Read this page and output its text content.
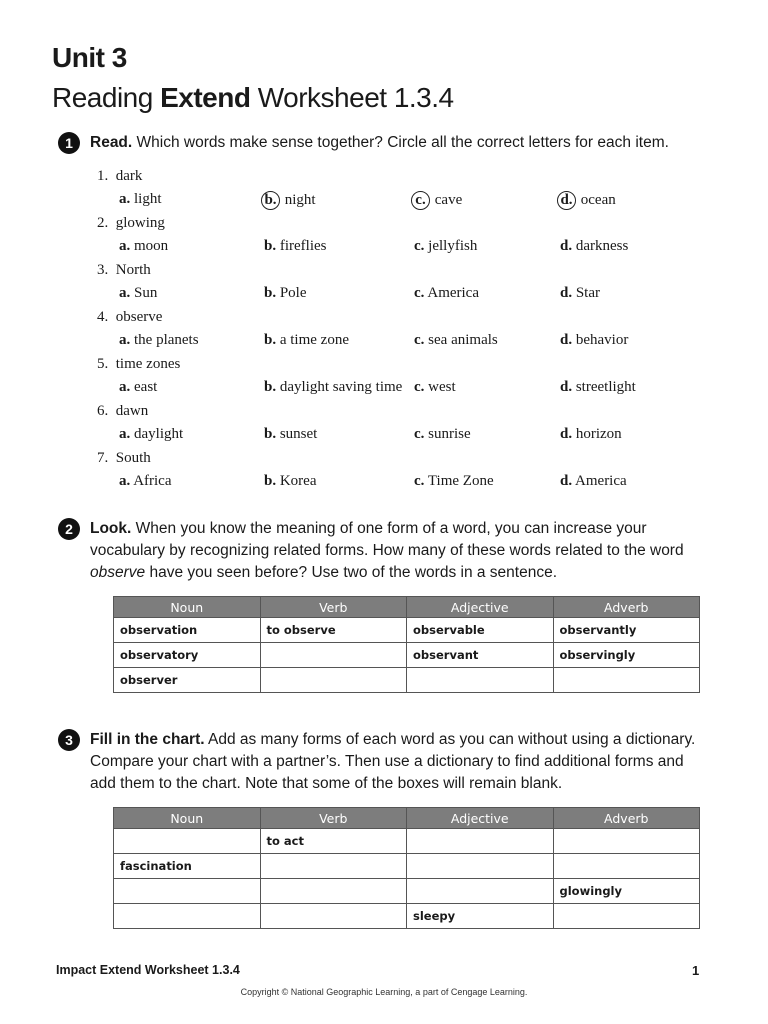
Unit 3
Reading Extend Worksheet 1.3.4
1	Read. Which words make sense together? Circle all the correct letters for each item.
1. dark
a. light	b. night	c. cave	d. ocean
2. glowing
a. moon	b. fireflies	c. jellyfish	d. darkness
3. North
a. Sun	b. Pole	c. America	d. Star
4. observe
a. the planets	b. a time zone	c. sea animals	d. behavior
5. time zones
a. east	b. daylight saving time c. west	d. streetlight
6. dawn
a. daylight	b. sunset	c. sunrise	d. horizon
7. South
a. Africa	b. Korea	c. Time Zone	d. America
2	Look. When you know the meaning of one form of a word, you can increase your vocabulary by recognizing related forms. How many of these words related to the word observe have you seen before? Use two of the words in a sentence.
Noun	Verb	Adjective	Adverb
observation	to observe	observable	observantly
observatory		observant	observingly
observer			
3	Fill in the chart. Add as many forms of each word as you can without using a dictionary. Compare your chart with a partner’s. Then use a dictionary to find additional forms and add them to the chart. Note that some of the boxes will remain blank.
Noun	Verb	Adjective	Adverb
	to act		
fascination			
			glowingly
		sleepy	
Impact Extend Worksheet 1.3.4	1
Copyright © National Geographic Learning, a part of Cengage Learning.
